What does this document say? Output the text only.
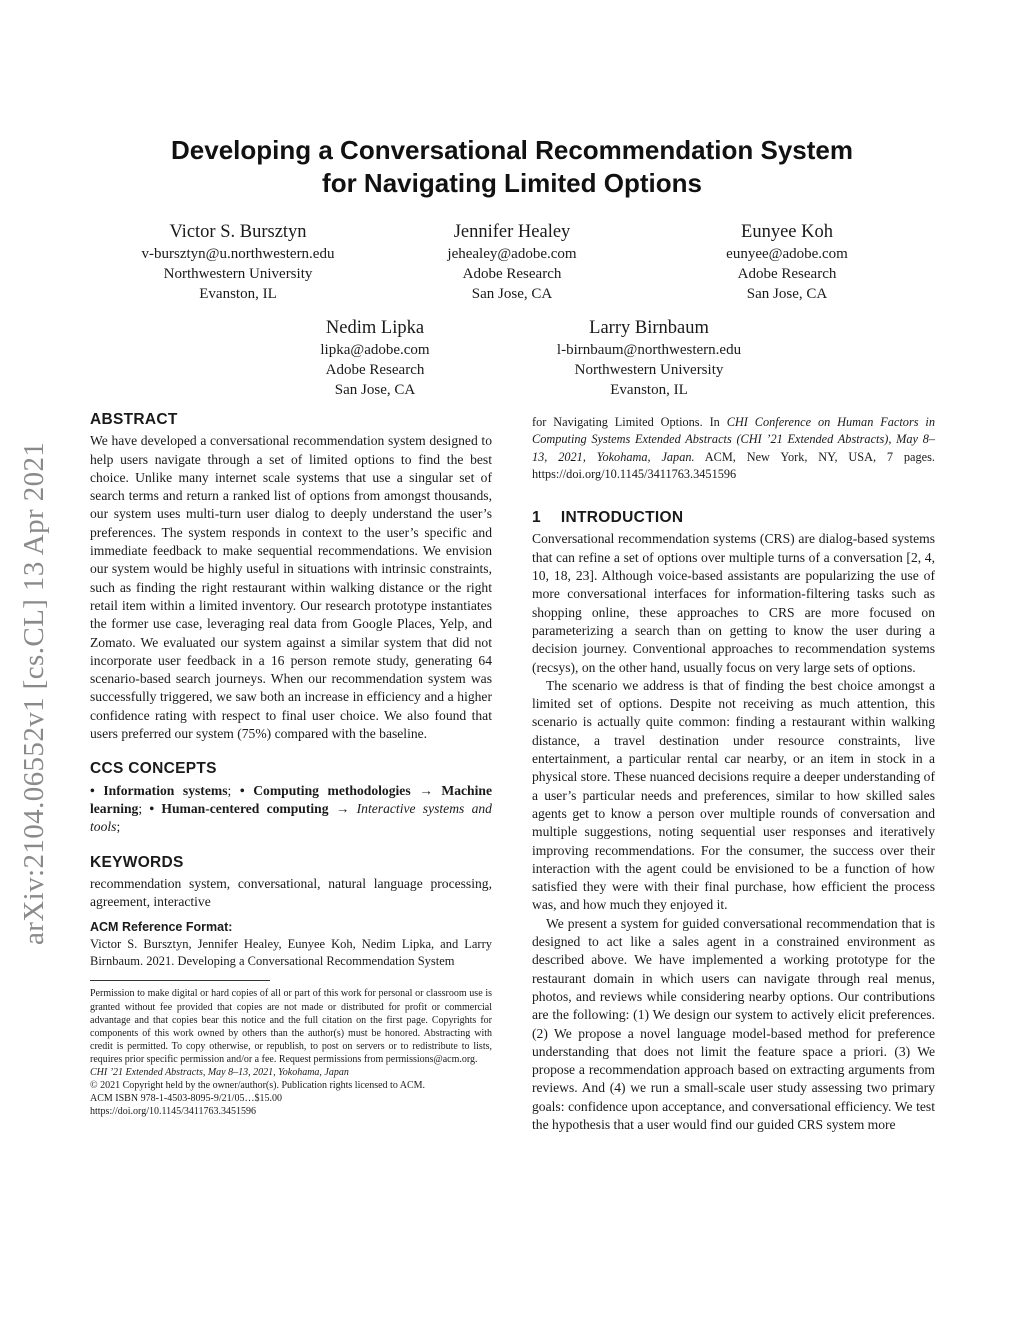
arXiv:2104.06552v1 [cs.CL] 13 Apr 2021
Developing a Conversational Recommendation System
for Navigating Limited Options
Victor S. Bursztyn
v-bursztyn@u.northwestern.edu
Northwestern University
Evanston, IL
Jennifer Healey
jehealey@adobe.com
Adobe Research
San Jose, CA
Eunyee Koh
eunyee@adobe.com
Adobe Research
San Jose, CA
Nedim Lipka
lipka@adobe.com
Adobe Research
San Jose, CA
Larry Birnbaum
l-birnbaum@northwestern.edu
Northwestern University
Evanston, IL
ABSTRACT

We have developed a conversational recommendation system designed to help users navigate through a set of limited options to find the best choice. Unlike many internet scale systems that use a singular set of search terms and return a ranked list of options from amongst thousands, our system uses multi-turn user dialog to deeply understand the user’s preferences. The system responds in context to the user’s specific and immediate feedback to make sequential recommendations. We envision our system would be highly useful in situations with intrinsic constraints, such as finding the right restaurant within walking distance or the right retail item within a limited inventory. Our research prototype instantiates the former use case, leveraging real data from Google Places, Yelp, and Zomato. We evaluated our system against a similar system that did not incorporate user feedback in a 16 person remote study, generating 64 scenario-based search journeys. When our recommendation system was successfully triggered, we saw both an increase in efficiency and a higher confidence rating with respect to final user choice. We also found that users preferred our system (75%) compared with the baseline.

CCS CONCEPTS

• Information systems; • Computing methodologies → Machine learning; • Human-centered computing → Interactive systems and tools;

KEYWORDS

recommendation system, conversational, natural language processing, agreement, interactive

ACM Reference Format:

Victor S. Bursztyn, Jennifer Healey, Eunyee Koh, Nedim Lipka, and Larry Birnbaum. 2021. Developing a Conversational Recommendation System

Permission to make digital or hard copies of all or part of this work for personal or classroom use is granted without fee provided that copies are not made or distributed for profit or commercial advantage and that copies bear this notice and the full citation on the first page. Copyrights for components of this work owned by others than the author(s) must be honored. Abstracting with credit is permitted. To copy otherwise, or republish, to post on servers or to redistribute to lists, requires prior specific permission and/or a fee. Request permissions from permissions@acm.org.

CHI ’21 Extended Abstracts, May 8–13, 2021, Yokohama, Japan

© 2021 Copyright held by the owner/author(s). Publication rights licensed to ACM.

ACM ISBN 978-1-4503-8095-9/21/05…$15.00

https://doi.org/10.1145/3411763.3451596

for Navigating Limited Options. In CHI Conference on Human Factors in Computing Systems Extended Abstracts (CHI ’21 Extended Abstracts), May 8–13, 2021, Yokohama, Japan. ACM, New York, NY, USA, 7 pages. https://doi.org/10.1145/3411763.3451596

1 INTRODUCTION

Conversational recommendation systems (CRS) are dialog-based systems that can refine a set of options over multiple turns of a conversation [2, 4, 10, 18, 23]. Although voice-based assistants are popularizing the use of more conversational interfaces for information-filtering tasks such as shopping online, these approaches to CRS are more focused on parameterizing a search than on getting to know the user during a decision journey. Conventional approaches to recommendation systems (recsys), on the other hand, usually focus on very large sets of options.

The scenario we address is that of finding the best choice amongst a limited set of options. Despite not receiving as much attention, this scenario is actually quite common: finding a restaurant within walking distance, a travel destination under resource constraints, live entertainment, a particular rental car nearby, or an item in stock in a physical store. These nuanced decisions require a deeper understanding of a user’s particular needs and preferences, similar to how skilled sales agents get to know a person over multiple rounds of conversation and multiple suggestions, noting sequential user responses and iteratively improving recommendations. For the consumer, the success over their interaction with the agent could be envisioned to be a function of how satisfied they were with their final purchase, how efficient the process was, and how much they enjoyed it.

We present a system for guided conversational recommendation that is designed to act like a sales agent in a constrained environment as described above. We have implemented a working prototype for the restaurant domain in which users can navigate through real menus, photos, and reviews while considering nearby options. Our contributions are the following: (1) We design our system to actively elicit preferences. (2) We propose a novel language model-based method for preference understanding that does not limit the feature space a priori. (3) We propose a recommendation approach based on extracting arguments from reviews. And (4) we run a small-scale user study assessing two primary goals: confidence upon acceptance, and conversational efficiency. We test the hypothesis that a user would find our guided CRS system more
